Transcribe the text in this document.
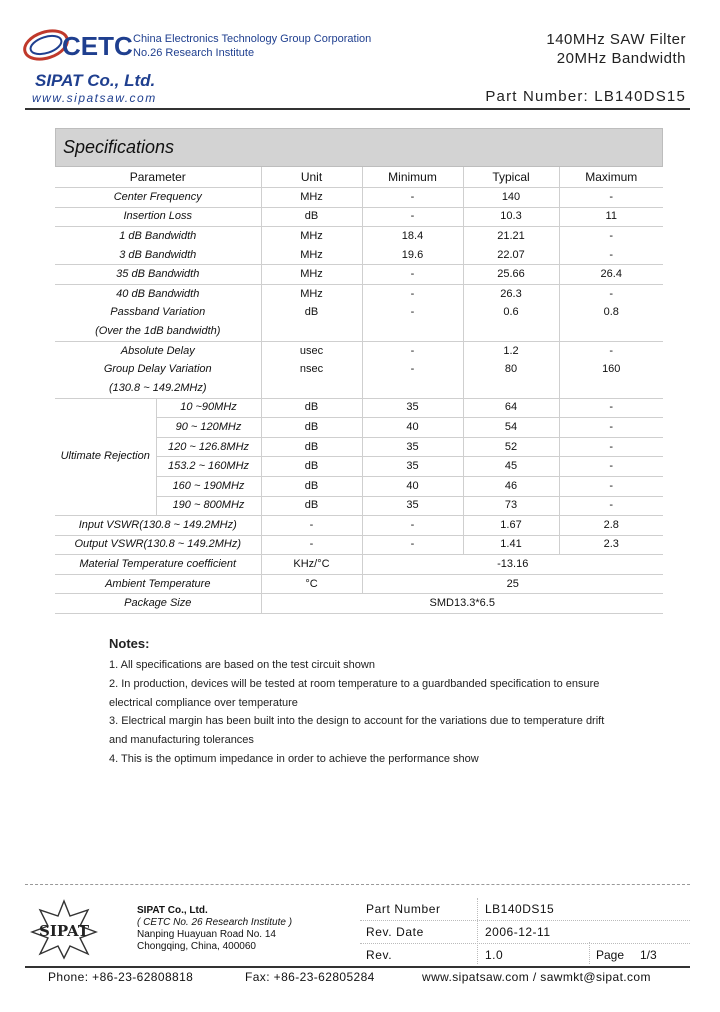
CETC China Electronics Technology Group Corporation
No.26 Research Institute
SIPAT Co., Ltd.
www.sipatsaw.com
140MHz SAW Filter
20MHz Bandwidth
Part Number: LB140DS15
Specifications
Parameter		Unit	Minimum	Typical	Maximum
Center Frequency		MHz	-	140	-
Insertion Loss		dB	-	10.3	11
1 dB Bandwidth		MHz	18.4	21.21	-
3 dB Bandwidth		MHz	19.6	22.07	-
35 dB Bandwidth		MHz	-	25.66	26.4
40 dB Bandwidth		MHz	-	26.3	-
Passband Variation		dB	-	0.6	0.8
(Over the 1dB bandwidth)					
Absolute Delay		usec	-	1.2	-
Group Delay Variation		nsec	-	80	160
(130.8 ~ 149.2MHz)					
Ultimate Rejection	10 ~90MHz	dB	35	64	-
	90 ~ 120MHz	dB	40	54	-
	120 ~ 126.8MHz	dB	35	52	-
	153.2 ~ 160MHz	dB	35	45	-
	160 ~ 190MHz	dB	40	46	-
	190 ~ 800MHz	dB	35	73	-
Input VSWR(130.8 ~ 149.2MHz)		-	-	1.67	2.8
Output VSWR(130.8 ~ 149.2MHz)		-	-	1.41	2.3
Material Temperature coefficient		KHz/°C	-13.16		
Ambient Temperature		°C	25		
Package Size		SMD13.3*6.5			
Notes:
1. All specifications are based on the test circuit shown
2. In production, devices will be tested at room temperature to a guardbanded specification to ensure
electrical compliance over temperature
3. Electrical margin has been built into the design to account for the variations due to temperature drift
and manufacturing tolerances
4. This is the optimum impedance in order to achieve the performance show
SIPAT
SIPAT Co., Ltd.
( CETC No. 26 Research Institute )
Nanping Huayuan Road No. 14
Chongqing, China, 400060
Part Number	LB140DS15
Rev. Date	2006-12-11
Rev.	1.0	Page 1/3
Phone: +86-23-62808818	Fax: +86-23-62805284	www.sipatsaw.com / sawmkt@sipat.com
